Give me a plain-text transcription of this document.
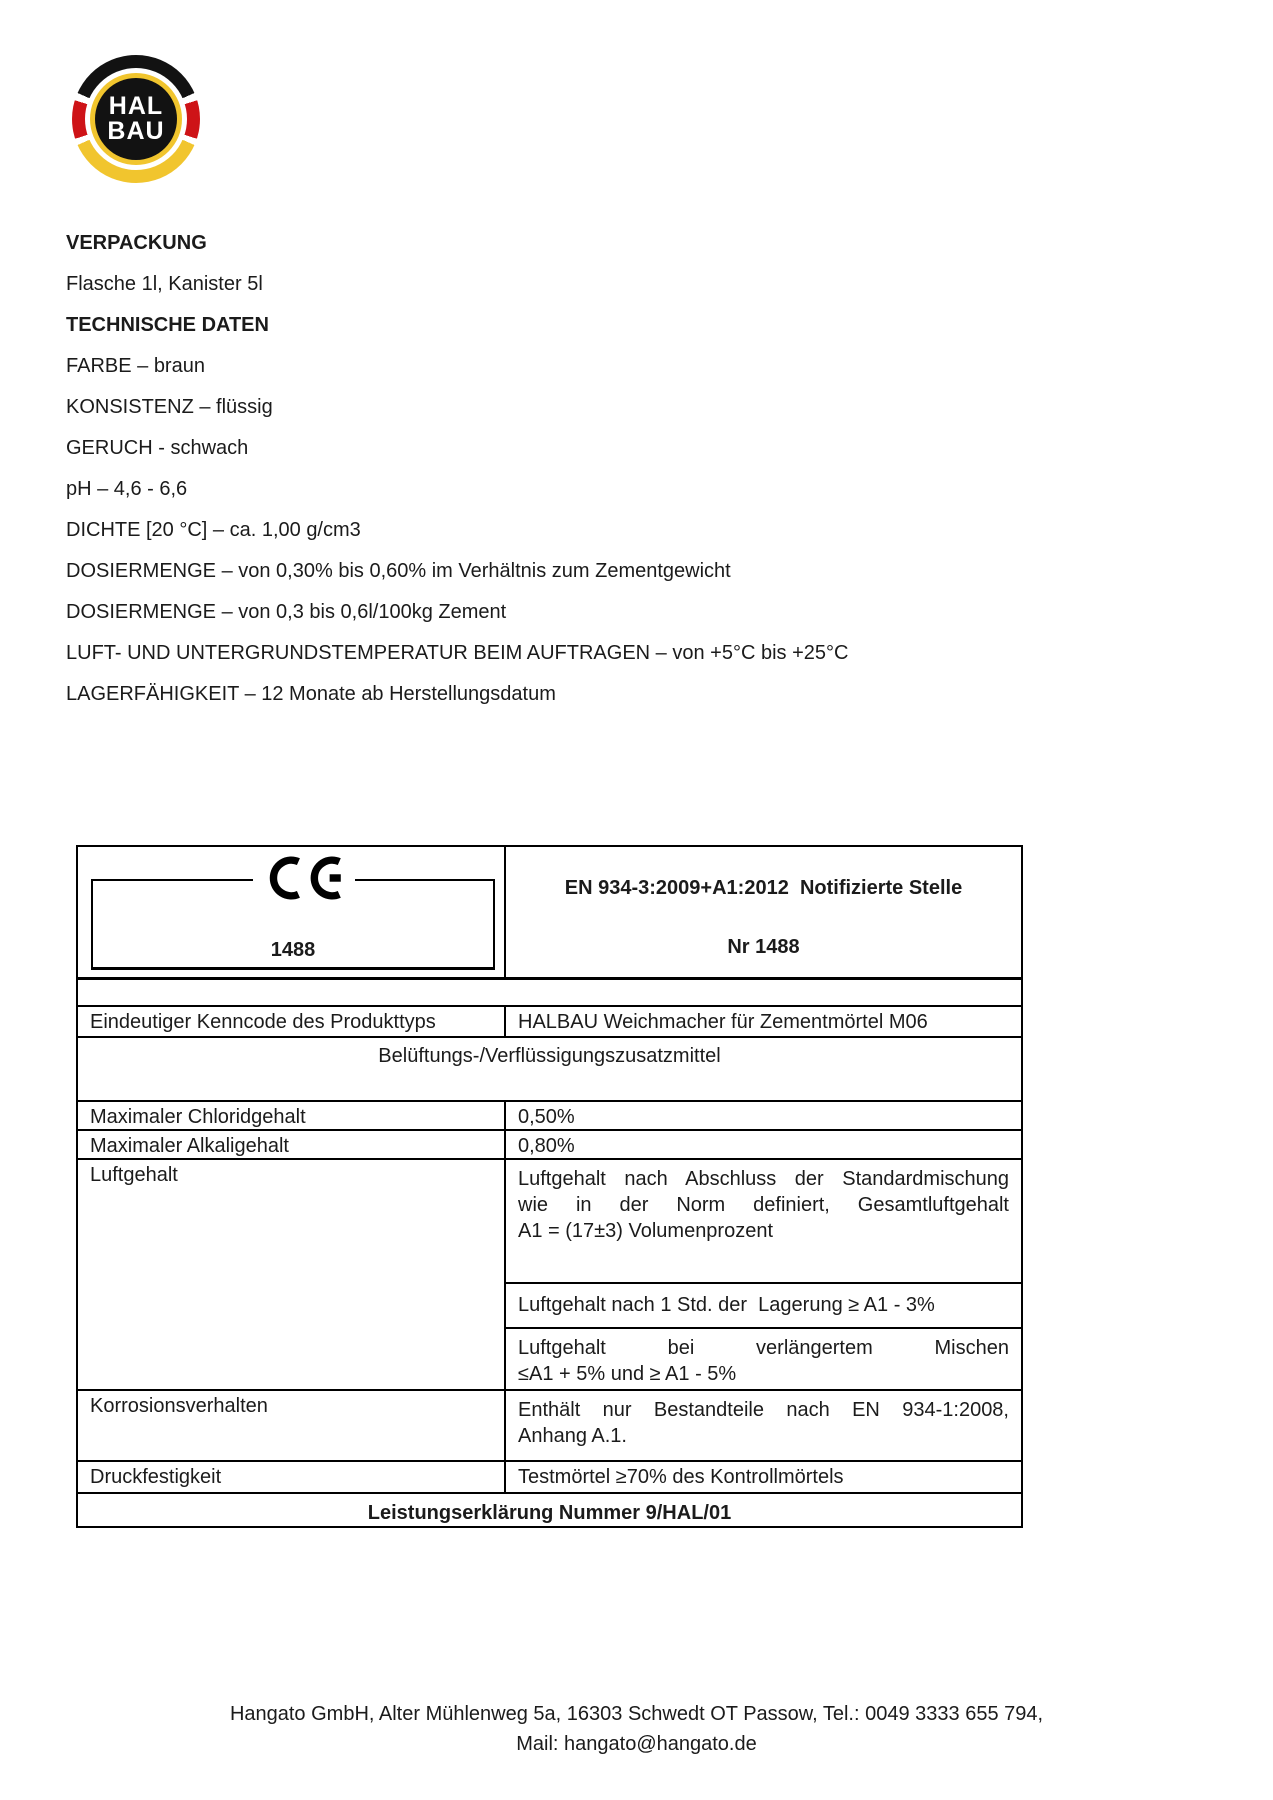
HAL
BAU

VERPACKUNG

Flasche 1l, Kanister 5l

TECHNISCHE DATEN

FARBE – braun

KONSISTENZ – flüssig

GERUCH - schwach

pH – 4,6 - 6,6

DICHTE [20 °C] – ca. 1,00 g/cm3

DOSIERMENGE – von 0,30% bis 0,60% im Verhältnis zum Zementgewicht

DOSIERMENGE – von 0,3 bis 0,6l/100kg Zement

LUFT- UND UNTERGRUNDSTEMPERATUR BEIM AUFTRAGEN – von +5°C bis +25°C

LAGERFÄHIGKEIT – 12 Monate ab Herstellungsdatum

1488
EN 934-3:2009+A1:2012  Notifizierte Stelle
Nr 1488
Eindeutiger Kenncode des Produkttyps	HALBAU Weichmacher für Zementmörtel M06
Belüftungs-/Verflüssigungszusatzmittel
Maximaler Chloridgehalt	0,50%
Maximaler Alkaligehalt	0,80%
Luftgehalt	Luftgehalt nach Abschluss der Standardmischung
wie in der Norm definiert, Gesamtluftgehalt
A1 = (17±3) Volumenprozent
Luftgehalt nach 1 Std. der  Lagerung ≥ A1 - 3%
Luftgehalt bei verlängertem Mischen
≤A1 + 5% und ≥ A1 - 5%
Korrosionsverhalten	Enthält nur Bestandteile nach EN 934-1:2008,
Anhang A.1.
Druckfestigkeit	Testmörtel ≥70% des Kontrollmörtels
Leistungserklärung Nummer 9/HAL/01
Hangato GmbH, Alter Mühlenweg 5a, 16303 Schwedt OT Passow, Tel.: 0049 3333 655 794,
Mail: hangato@hangato.de
